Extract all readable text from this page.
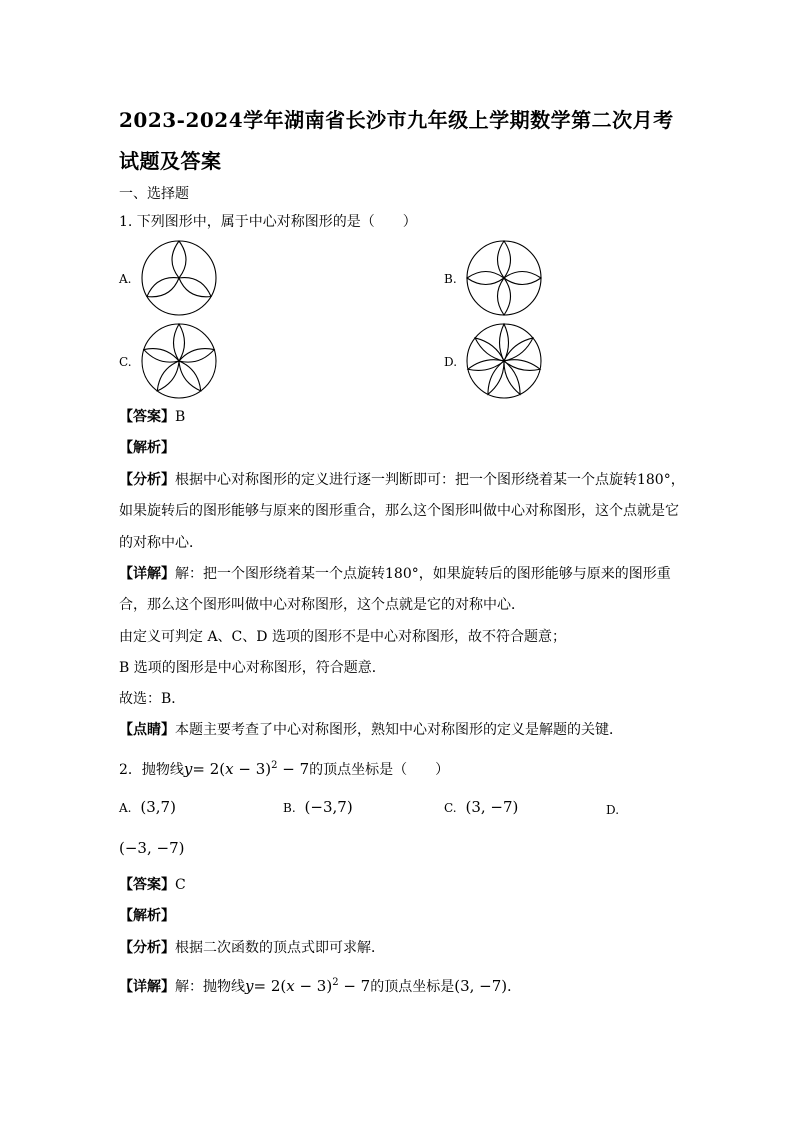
2023-2024学年湖南省长沙市九年级上学期数学第二次月考
试题及答案
一、选择题
1. 下列图形中，属于中心对称图形的是（　　）
A.	B.
C.	D.
【答案】B
【解析】
【分析】根据中心对称图形的定义进行逐一判断即可：把一个图形绕着某一个点旋转180°，
如果旋转后的图形能够与原来的图形重合，那么这个图形叫做中心对称图形，这个点就是它
的对称中心．
【详解】解：把一个图形绕着某一个点旋转180°，如果旋转后的图形能够与原来的图形重
合，那么这个图形叫做中心对称图形，这个点就是它的对称中心．
由定义可判定 A、C、D 选项的图形不是中心对称图形，故不符合题意；
B 选项的图形是中心对称图形，符合题意．
故选：B．
【点睛】本题主要考查了中心对称图形，熟知中心对称图形的定义是解题的关键．
2．抛物线$y= 2(x - 3)^2 - 7$的顶点坐标是（　　）
A. (3,7)	B. (−3,7)	C. (3, −7)	D.
(−3, −7)
【答案】C
【解析】
【分析】根据二次函数的顶点式即可求解．
【详解】解：抛物线$y= 2(x - 3)^2 - 7$的顶点坐标是(3, −7)．
